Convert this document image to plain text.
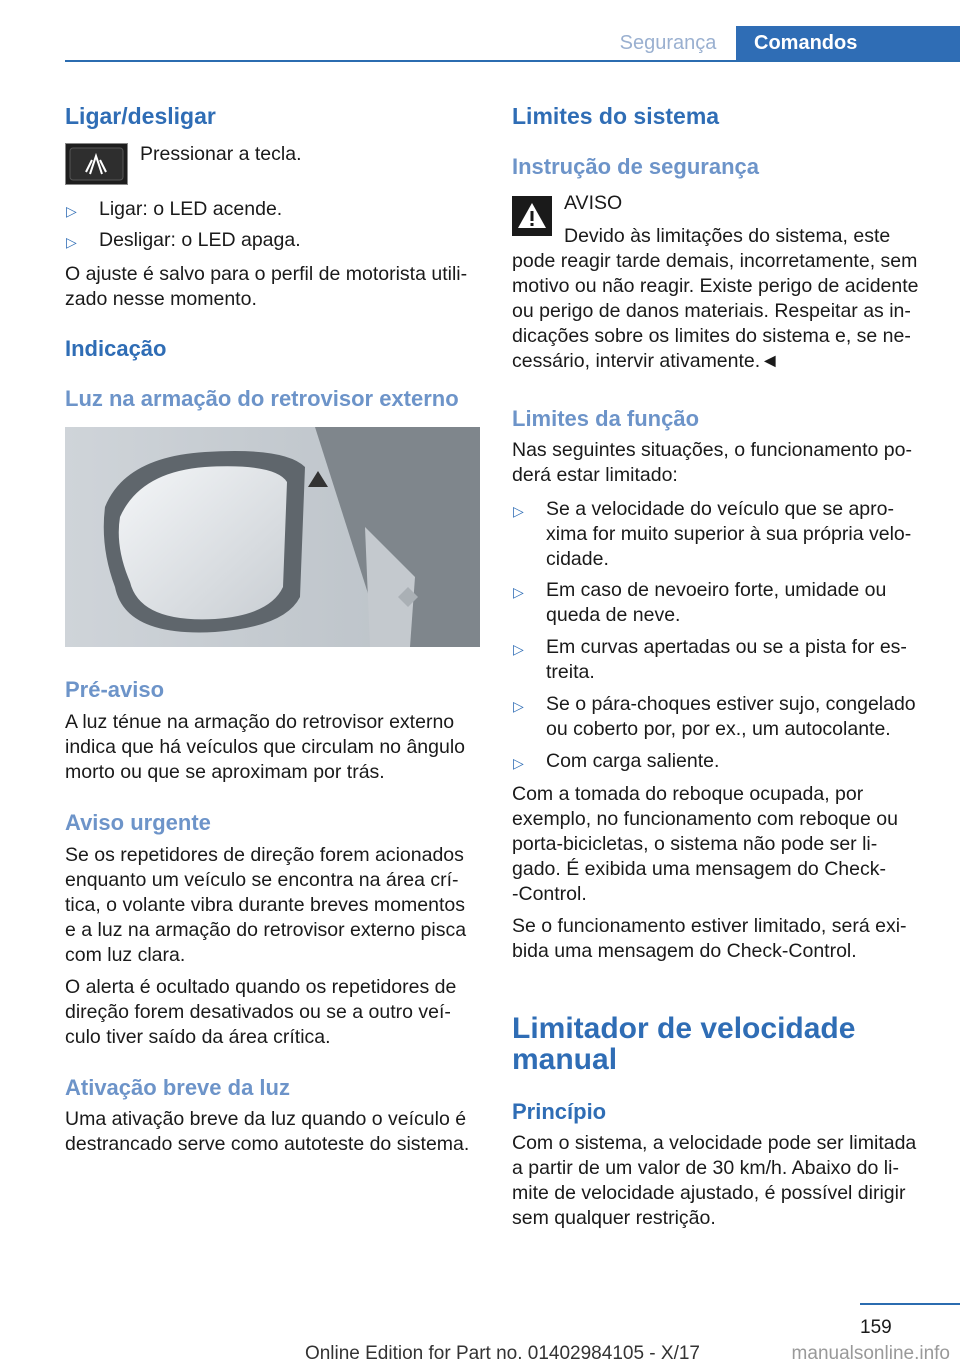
Segurança	Comandos
Ligar/desligar
Pressionar a tecla.
▷ Ligar: o LED acende.
▷ Desligar: o LED apaga.
O ajuste é salvo para o perfil de motorista utili-
zado nesse momento.
Indicação
Luz na armação do retrovisor externo
Pré-aviso
A luz ténue na armação do retrovisor externo
indica que há veículos que circulam no ângulo
morto ou que se aproximam por trás.
Aviso urgente
Se os repetidores de direção forem acionados
enquanto um veículo se encontra na área crí-
tica, o volante vibra durante breves momentos
e a luz na armação do retrovisor externo pisca
com luz clara.
O alerta é ocultado quando os repetidores de
direção forem desativados ou se a outro veí-
culo tiver saído da área crítica.
Ativação breve da luz
Uma ativação breve da luz quando o veículo é
destrancado serve como autoteste do sistema.
Limites do sistema
Instrução de segurança
AVISO
Devido às limitações do sistema, este
pode reagir tarde demais, incorretamente, sem
motivo ou não reagir. Existe perigo de acidente
ou perigo de danos materiais. Respeitar as in-
dicações sobre os limites do sistema e, se ne-
cessário, intervir ativamente.◄
Limites da função
Nas seguintes situações, o funcionamento po-
derá estar limitado:
▷ Se a velocidade do veículo que se apro-
xima for muito superior à sua própria velo-
cidade.
▷ Em caso de nevoeiro forte, umidade ou
queda de neve.
▷ Em curvas apertadas ou se a pista for es-
treita.
▷ Se o pára-choques estiver sujo, congelado
ou coberto por, por ex., um autocolante.
▷ Com carga saliente.
Com a tomada do reboque ocupada, por
exemplo, no funcionamento com reboque ou
porta-bicicletas, o sistema não pode ser li-
gado. É exibida uma mensagem do Check-
-Control.
Se o funcionamento estiver limitado, será exi-
bida uma mensagem do Check-Control.
Limitador de velocidade
manual
Princípio
Com o sistema, a velocidade pode ser limitada
a partir de um valor de 30 km/h. Abaixo do li-
mite de velocidade ajustado, é possível dirigir
sem qualquer restrição.
159
Online Edition for Part no. 01402984105 - X/17	manualsonline.info
